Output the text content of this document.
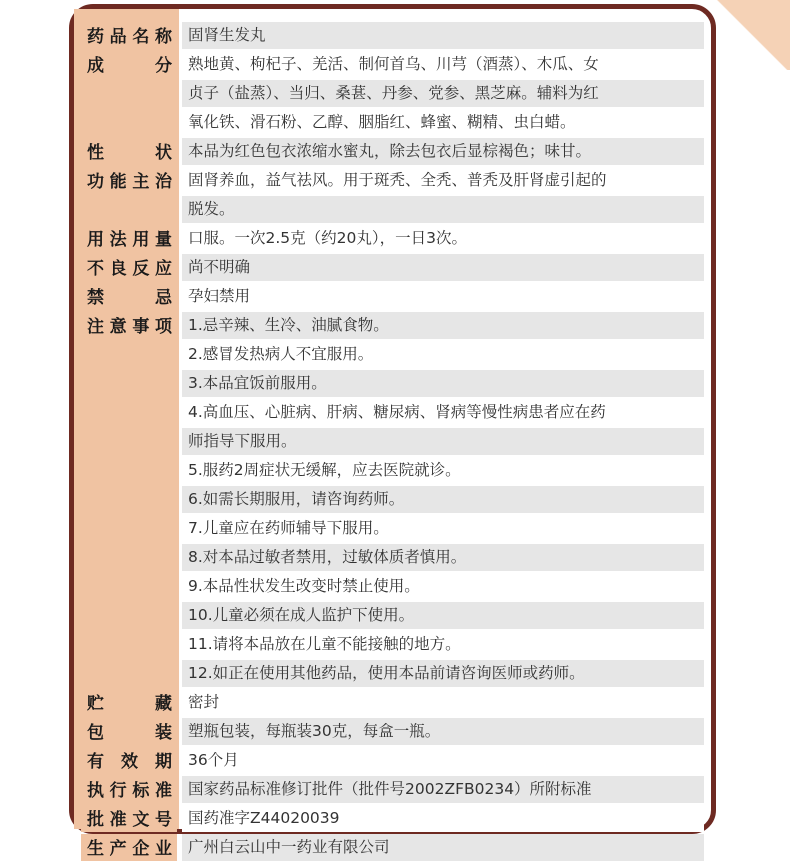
药品名称 固肾生发丸
成 分 熟地黄、枸杞子、羌活、制何首乌、川芎（酒蒸）、木瓜、女
贞子（盐蒸）、当归、桑葚、丹参、党参、黑芝麻。辅料为红
氧化铁、滑石粉、乙醇、胭脂红、蜂蜜、糊精、虫白蜡。
性 状 本品为红色包衣浓缩水蜜丸，除去包衣后显棕褐色；味甘。
功能主治 固肾养血，益气祛风。用于斑秃、全秃、普秃及肝肾虚引起的
脱发。
用法用量 口服。一次2.5克（约20丸），一日3次。
不良反应 尚不明确
禁 忌 孕妇禁用
注意事项 1.忌辛辣、生冷、油腻食物。
2.感冒发热病人不宜服用。
3.本品宜饭前服用。
4.高血压、心脏病、肝病、糖尿病、肾病等慢性病患者应在药
师指导下服用。
5.服药2周症状无缓解，应去医院就诊。
6.如需长期服用，请咨询药师。
7.儿童应在药师辅导下服用。
8.对本品过敏者禁用，过敏体质者慎用。
9.本品性状发生改变时禁止使用。
10.儿童必须在成人监护下使用。
11.请将本品放在儿童不能接触的地方。
12.如正在使用其他药品，使用本品前请咨询医师或药师。
贮 藏 密封
包 装 塑瓶包装，每瓶装30克，每盒一瓶。
有 效 期 36个月
执行标准 国家药品标准修订批件（批件号2002ZFB0234）所附标准
批准文号 国药准字Z44020039
生产企业 广州白云山中一药业有限公司
